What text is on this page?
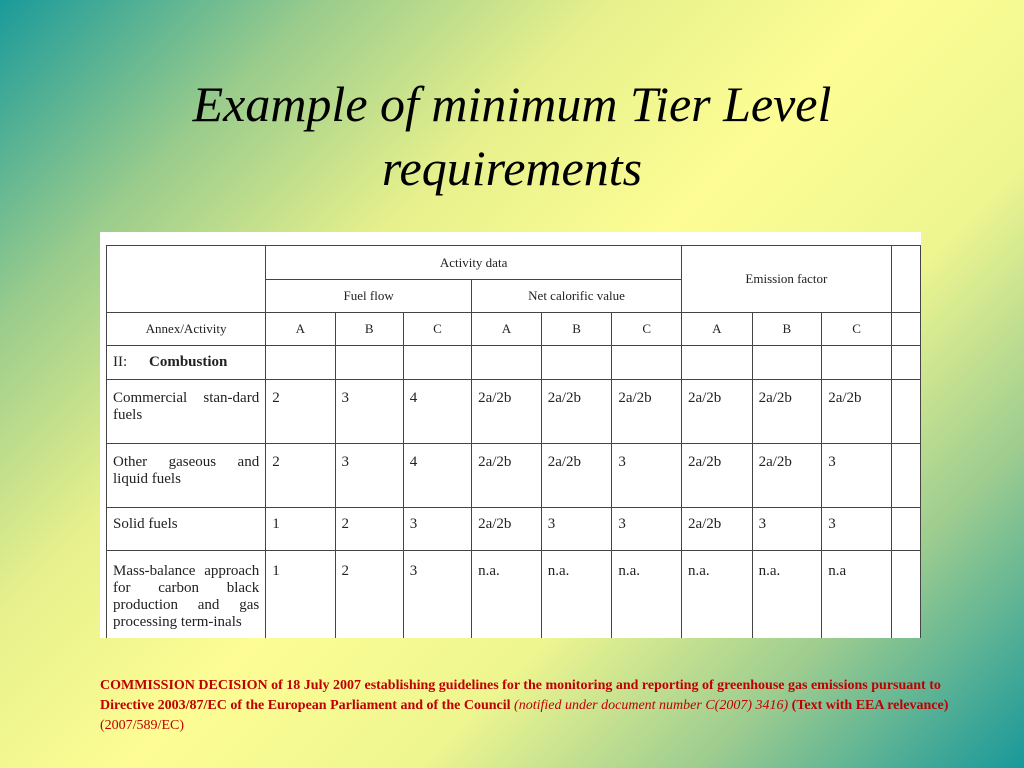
Example of minimum Tier Level
requirements
	Activity data						Emission factor			
	Fuel flow			Net calorific value						
Annex/Activity	A	B	C	A	B	C	A	B	C	
II: Combustion										
Commercial stan-dard fuels	2	3	4	2a/2b	2a/2b	2a/2b	2a/2b	2a/2b	2a/2b	
Other gaseous and liquid fuels	2	3	4	2a/2b	2a/2b	3	2a/2b	2a/2b	3	
Solid fuels	1	2	3	2a/2b	3	3	2a/2b	3	3	
Mass-balance approach for carbon black production and gas processing term-inals	1	2	3	n.a.	n.a.	n.a.	n.a.	n.a.	n.a	

COMMISSION DECISION of 18 July 2007 establishing guidelines for the monitoring and reporting of greenhouse gas emissions pursuant to Directive 2003/87/EC of the European Parliament and of the Council (notified under document number C(2007) 3416) (Text with EEA relevance) (2007/589/EC)
